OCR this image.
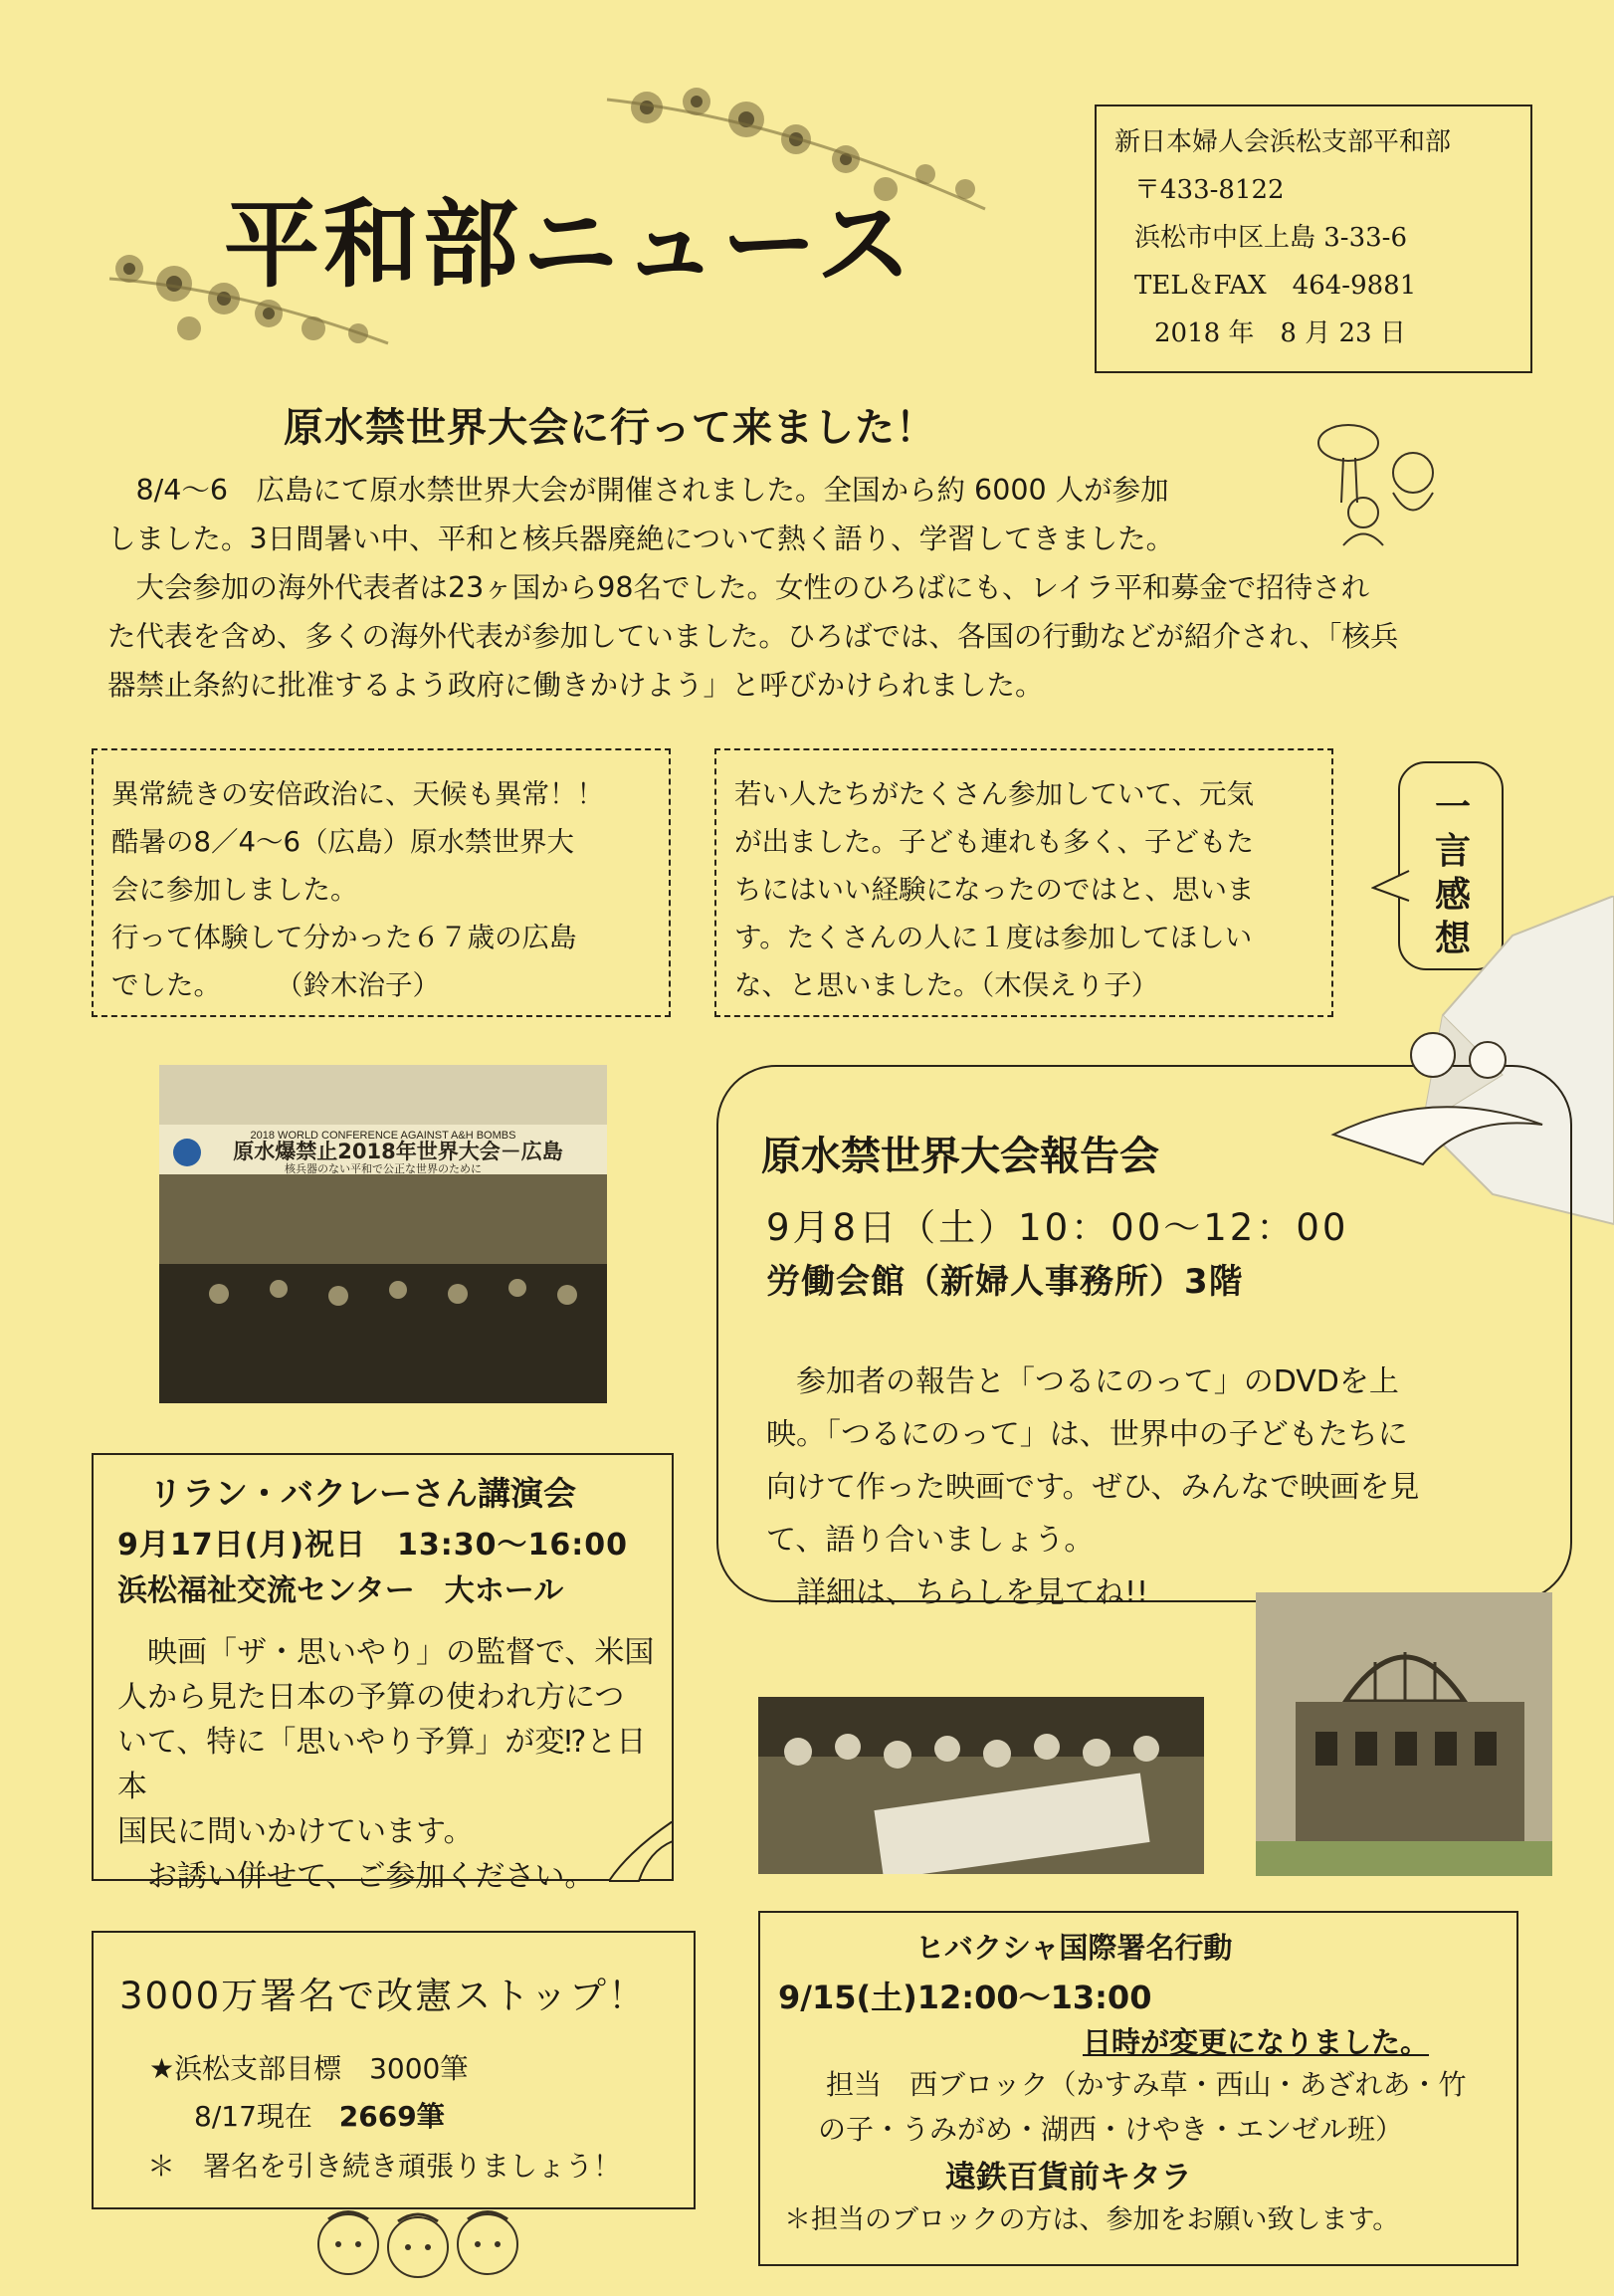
平和部ニュース
新日本婦人会浜松支部平和部
〒433-8122
浜松市中区上島 3-33-6
TEL＆FAX　464-9881
2018 年　8 月 23 日
原水禁世界大会に行って来ました！

　8/4～6　広島にて原水禁世界大会が開催されました。全国から約 6000 人が参加

しました。3日間暑い中、平和と核兵器廃絶について熱く語り、学習してきました。

　大会参加の海外代表者は23ヶ国から98名でした。女性のひろばにも、レイラ平和募金で招待され

た代表を含め、多くの海外代表が参加していました。ひろばでは、各国の行動などが紹介され、「核兵

器禁止条約に批准するよう政府に働きかけよう」と呼びかけられました。

異常続きの安倍政治に、天候も異常！！
酷暑の8／4～6（広島）原水禁世界大
会に参加しました。
行って体験して分かった６７歳の広島
でした。　　　（鈴木治子）
若い人たちがたくさん参加していて、元気
が出ました。子ども連れも多く、子どもた
ちにはいい経験になったのではと、思いま
す。たくさんの人に１度は参加してほしい
な、と思いました。（木俣えり子）
一言感想
2018 WORLD CONFERENCE AGAINST A&H BOMBS
原水爆禁止2018年世界大会－広島
核兵器のない平和で公正な世界のために	原水禁世界大会報告会
9月8日（土）10：00～12：00
労働会館（新婦人事務所）3階

　参加者の報告と「つるにのって」のDVDを上

映。「つるにのって」は、世界中の子どもたちに

向けて作った映画です。ぜひ、みんなで映画を見

て、語り合いましょう。

　詳細は、ちらしを見てね!!

リラン・バクレーさん講演会
9月17日(月)祝日　13:30～16:00
浜松福祉交流センター　大ホール

　映画「ザ・思いやり」の監督で、米国

人から見た日本の予算の使われ方につ

いて、特に「思いやり予算」が変⁉と日本

国民に問いかけています。

　お誘い併せて、ご参加ください。

3000万署名で改憲ストップ！
★浜松支部目標　3000筆
8/17現在 2669筆
＊　署名を引き続き頑張りましょう！
ヒバクシャ国際署名行動
9/15(土)12:00～13:00
日時が変更になりました。
担当　西ブロック（かすみ草・西山・あざれあ・竹
の子・うみがめ・湖西・けやき・エンゼル班）
遠鉄百貨前キタラ
＊担当のブロックの方は、参加をお願い致します。
